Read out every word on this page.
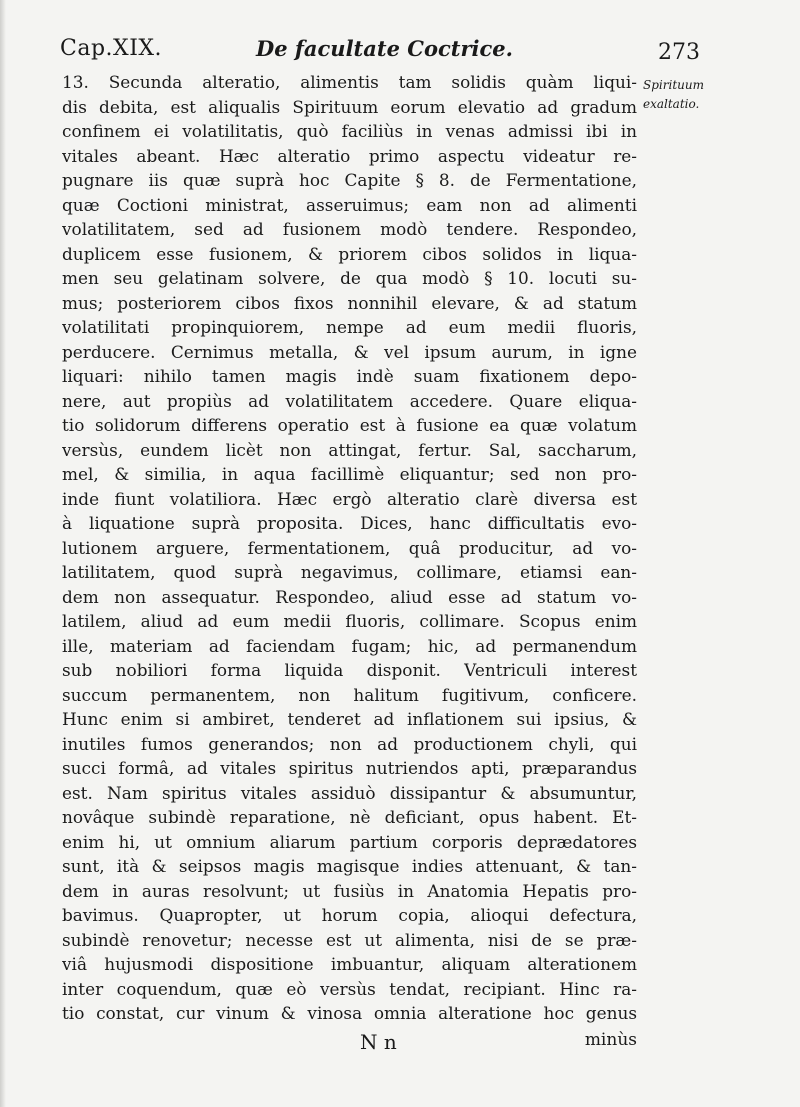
Cap.XIX.	De facultate Coctrice.	273
Spirituum
exaltatio.
13. Secunda alteratio, alimentis tam solidis quàm liqui-
dis debita, est aliqualis Spirituum eorum elevatio ad gradum
confinem ei volatilitatis, quò faciliùs in venas admissi ibi in
vitales abeant. Hæc alteratio primo aspectu videatur re-
pugnare iis quæ suprà hoc Capite § 8. de Fermentatione,
quæ Coctioni ministrat, asseruimus; eam non ad alimenti
volatilitatem, sed ad fusionem modò tendere. Respondeo,
duplicem esse fusionem, & priorem cibos solidos in liqua-
men seu gelatinam solvere, de qua modò § 10. locuti su-
mus; posteriorem cibos fixos nonnihil elevare, & ad statum
volatilitati propinquiorem, nempe ad eum medii fluoris,
perducere. Cernimus metalla, & vel ipsum aurum, in igne
liquari: nihilo tamen magis indè suam fixationem depo-
nere, aut propiùs ad volatilitatem accedere. Quare eliqua-
tio solidorum differens operatio est à fusione ea quæ volatum
versùs, eundem licèt non attingat, fertur. Sal, saccharum,
mel, & similia, in aqua facillimè eliquantur; sed non pro-
inde fiunt volatiliora. Hæc ergò alteratio clarè diversa est
à liquatione suprà proposita. Dices, hanc difficultatis evo-
lutionem arguere, fermentationem, quâ producitur, ad vo-
latilitatem, quod suprà negavimus, collimare, etiamsi ean-
dem non assequatur. Respondeo, aliud esse ad statum vo-
latilem, aliud ad eum medii fluoris, collimare. Scopus enim
ille, materiam ad faciendam fugam; hic, ad permanendum
sub nobiliori forma liquida disponit. Ventriculi interest
succum permanentem, non halitum fugitivum, conficere.
Hunc enim si ambiret, tenderet ad inflationem sui ipsius, &
inutiles fumos generandos; non ad productionem chyli, qui
succi formâ, ad vitales spiritus nutriendos apti, præparandus
est. Nam spiritus vitales assiduò dissipantur & absumuntur,
novâque subindè reparatione, nè deficiant, opus habent. Et-
enim hi, ut omnium aliarum partium corporis deprædatores
sunt, ità & seipsos magis magisque indies attenuant, & tan-
dem in auras resolvunt; ut fusiùs in Anatomia Hepatis pro-
bavimus. Quapropter, ut horum copia, alioqui defectura,
subindè renovetur; necesse est ut alimenta, nisi de se præ-
viâ hujusmodi dispositione imbuantur, aliquam alterationem
inter coquendum, quæ eò versùs tendat, recipiant. Hinc ra-
tio constat, cur vinum & vinosa omnia alteratione hoc genus
N n	minùs
